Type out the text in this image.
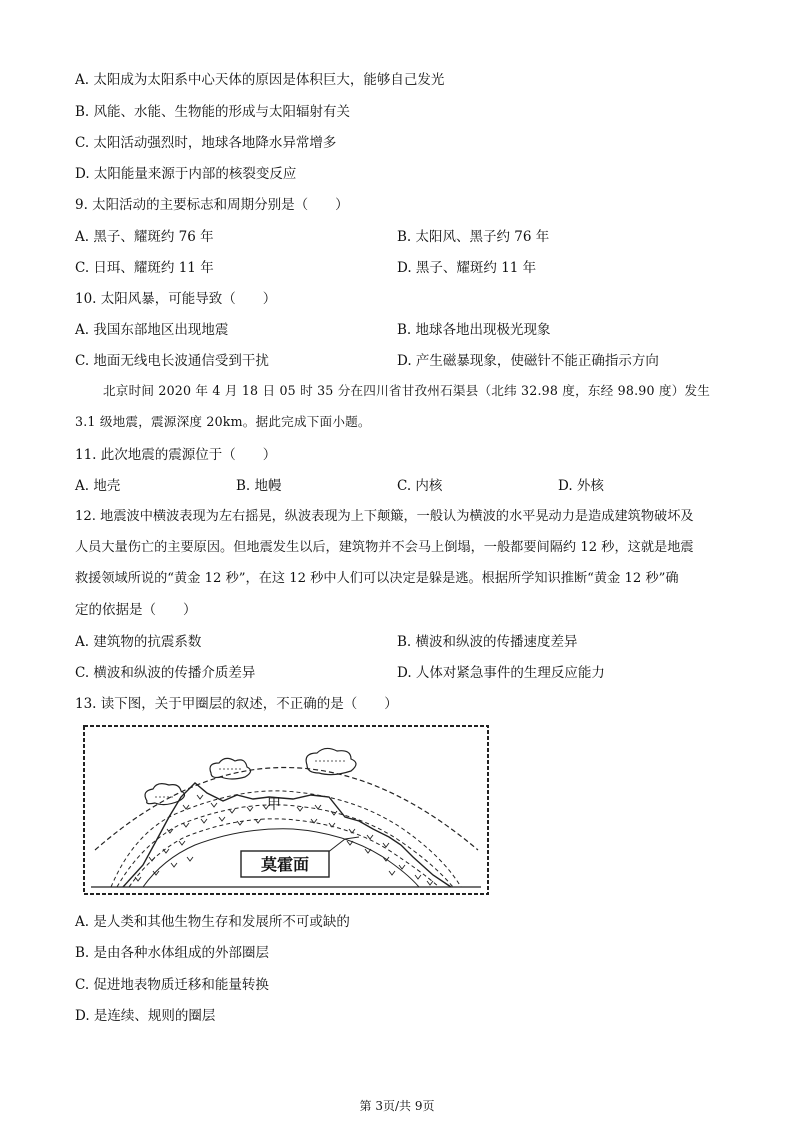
A. 太阳成为太阳系中心天体的原因是体积巨大，能够自己发光
B. 风能、水能、生物能的形成与太阳辐射有关
C. 太阳活动强烈时，地球各地降水异常增多
D. 太阳能量来源于内部的核裂变反应
9. 太阳活动的主要标志和周期分别是（　　）
A. 黑子、耀斑约 76 年	B. 太阳风、黑子约 76 年
C. 日珥、耀斑约 11 年	D. 黑子、耀斑约 11 年
10. 太阳风暴，可能导致（　　）
A. 我国东部地区出现地震	B. 地球各地出现极光现象
C. 地面无线电长波通信受到干扰	D. 产生磁暴现象，使磁针不能正确指示方向
北京时间 2020 年 4 月 18 日 05 时 35 分在四川省甘孜州石渠县（北纬 32.98 度，东经 98.90 度）发生
3.1 级地震，震源深度 20km。据此完成下面小题。
11. 此次地震的震源位于（　　）
A. 地壳	B. 地幔	C. 内核	D. 外核
12. 地震波中横波表现为左右摇晃，纵波表现为上下颠簸，一般认为横波的水平晃动力是造成建筑物破坏及
人员大量伤亡的主要原因。但地震发生以后，建筑物并不会马上倒塌，一般都要间隔约 12 秒，这就是地震
救援领域所说的“黄金 12 秒”，在这 12 秒中人们可以决定是躲是逃。根据所学知识推断“黄金 12 秒”确
定的依据是（　　）
A. 建筑物的抗震系数	B. 横波和纵波的传播速度差异
C. 横波和纵波的传播介质差异	D. 人体对紧急事件的生理反应能力
13. 读下图，关于甲圈层的叙述，不正确的是（　　）
甲
莫霍面
A. 是人类和其他生物生存和发展所不可或缺的
B. 是由各种水体组成的外部圈层
C. 促进地表物质迁移和能量转换
D. 是连续、规则的圈层
第 3页/共 9页
